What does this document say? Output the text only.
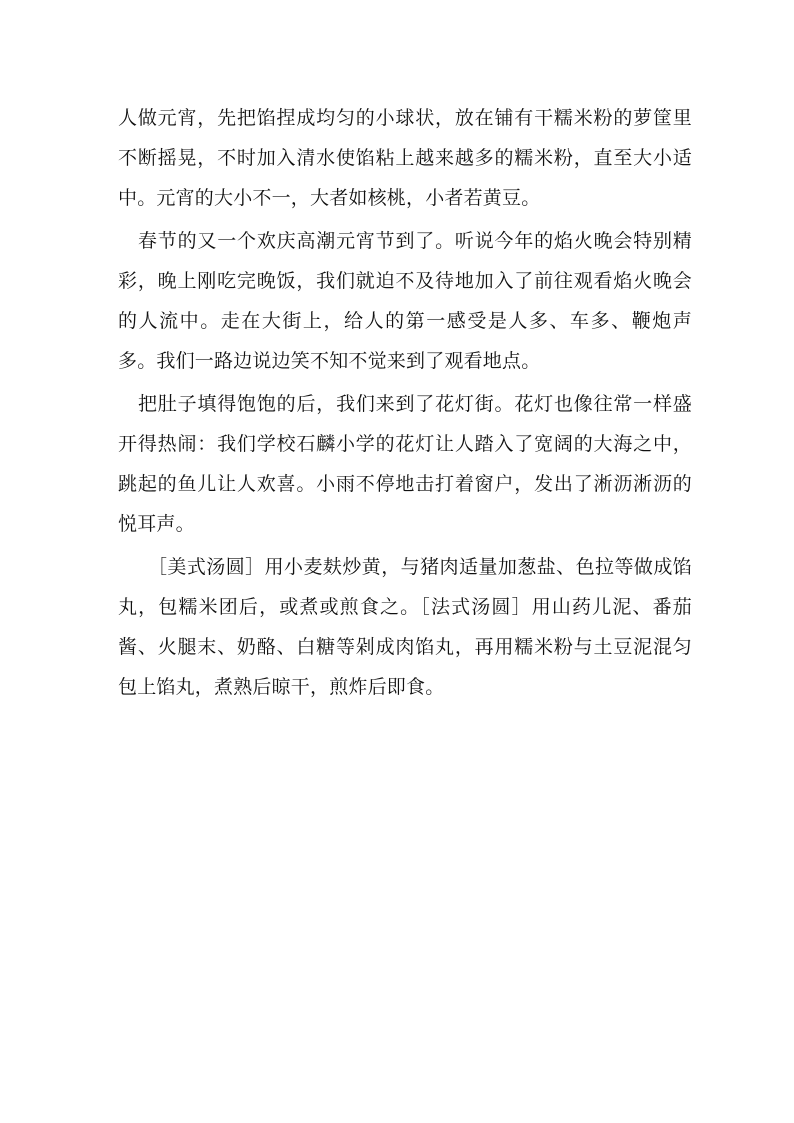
人做元宵，先把馅捏成均匀的小球状，放在铺有干糯米粉的萝筐里不断摇晃，不时加入清水使馅粘上越来越多的糯米粉，直至大小适中。元宵的大小不一，大者如核桃，小者若黄豆。

春节的又一个欢庆高潮元宵节到了。听说今年的焰火晚会特别精彩，晚上刚吃完晚饭，我们就迫不及待地加入了前往观看焰火晚会的人流中。走在大街上，给人的第一感受是人多、车多、鞭炮声多。我们一路边说边笑不知不觉来到了观看地点。

把肚子填得饱饱的后，我们来到了花灯街。花灯也像往常一样盛开得热闹：我们学校石麟小学的花灯让人踏入了宽阔的大海之中，跳起的鱼儿让人欢喜。小雨不停地击打着窗户，发出了淅沥淅沥的悦耳声。

［美式汤圆］用小麦麸炒黄，与猪肉适量加葱盐、色拉等做成馅丸，包糯米团后，或煮或煎食之。［法式汤圆］用山药儿泥、番茄酱、火腿末、奶酪、白糖等剁成肉馅丸，再用糯米粉与土豆泥混匀包上馅丸，煮熟后晾干，煎炸后即食。
